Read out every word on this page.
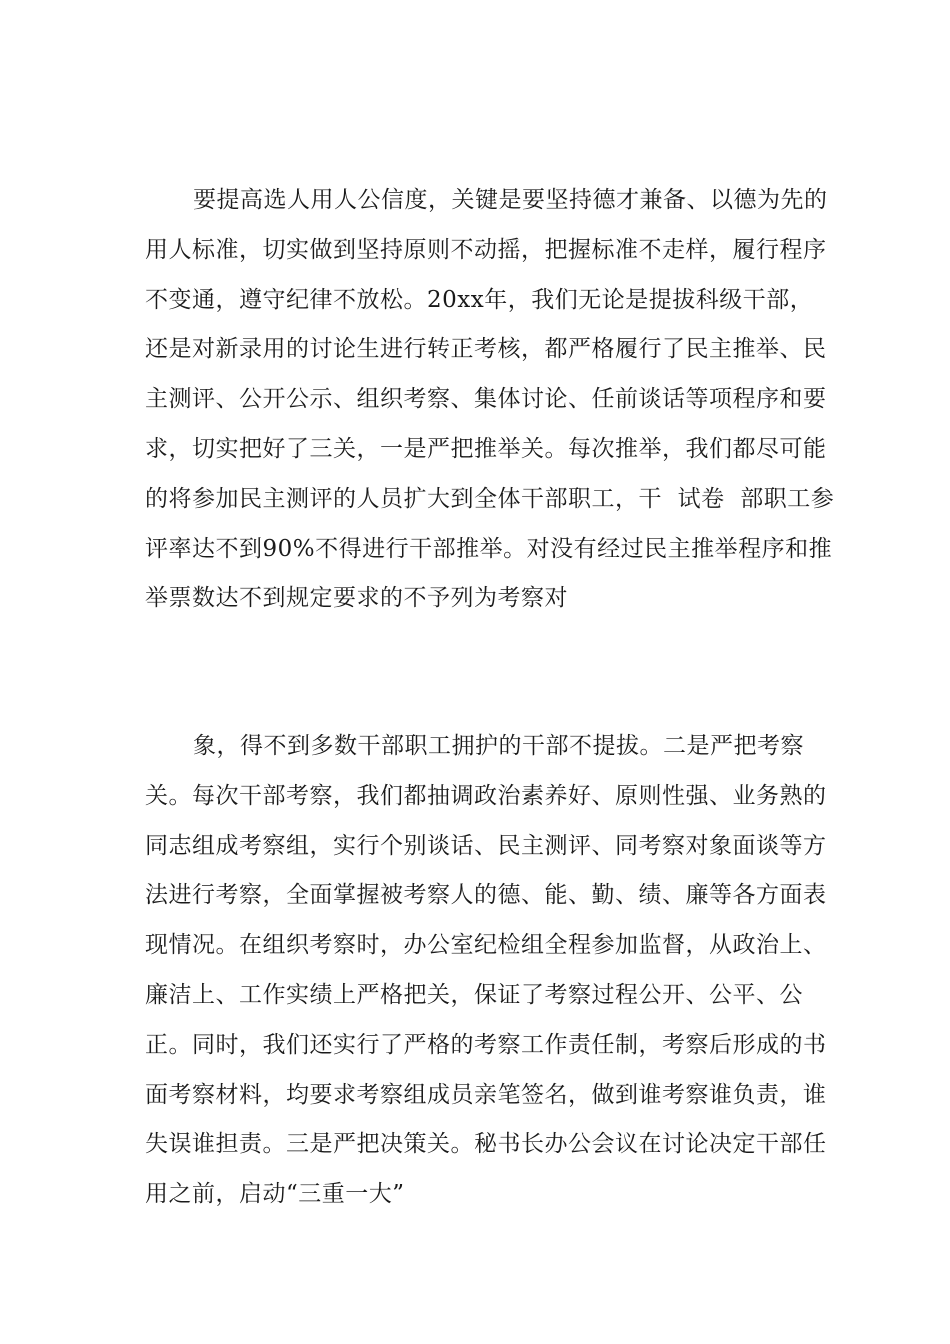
要提高选人用人公信度，关键是要坚持德才兼备、以德为先的用人标准，切实做到坚持原则不动摇，把握标准不走样，履行程序不变通，遵守纪律不放松。20xx年，我们无论是提拔科级干部，还是对新录用的讨论生进行转正考核，都严格履行了民主推举、民主测评、公开公示、组织考察、集体讨论、任前谈话等项程序和要求，切实把好了三关，一是严把推举关。每次推举，我们都尽可能的将参加民主测评的人员扩大到全体干部职工，干  试卷  部职工参评率达不到90%不得进行干部推举。对没有经过民主推举程序和推举票数达不到规定要求的不予列为考察对

象，得不到多数干部职工拥护的干部不提拔。二是严把考察关。每次干部考察，我们都抽调政治素养好、原则性强、业务熟的同志组成考察组，实行个别谈话、民主测评、同考察对象面谈等方法进行考察，全面掌握被考察人的德、能、勤、绩、廉等各方面表现情况。在组织考察时，办公室纪检组全程参加监督，从政治上、廉洁上、工作实绩上严格把关，保证了考察过程公开、公平、公正。同时，我们还实行了严格的考察工作责任制，考察后形成的书面考察材料，均要求考察组成员亲笔签名，做到谁考察谁负责，谁失误谁担责。三是严把决策关。秘书长办公会议在讨论决定干部任用之前，启动“三重一大”
